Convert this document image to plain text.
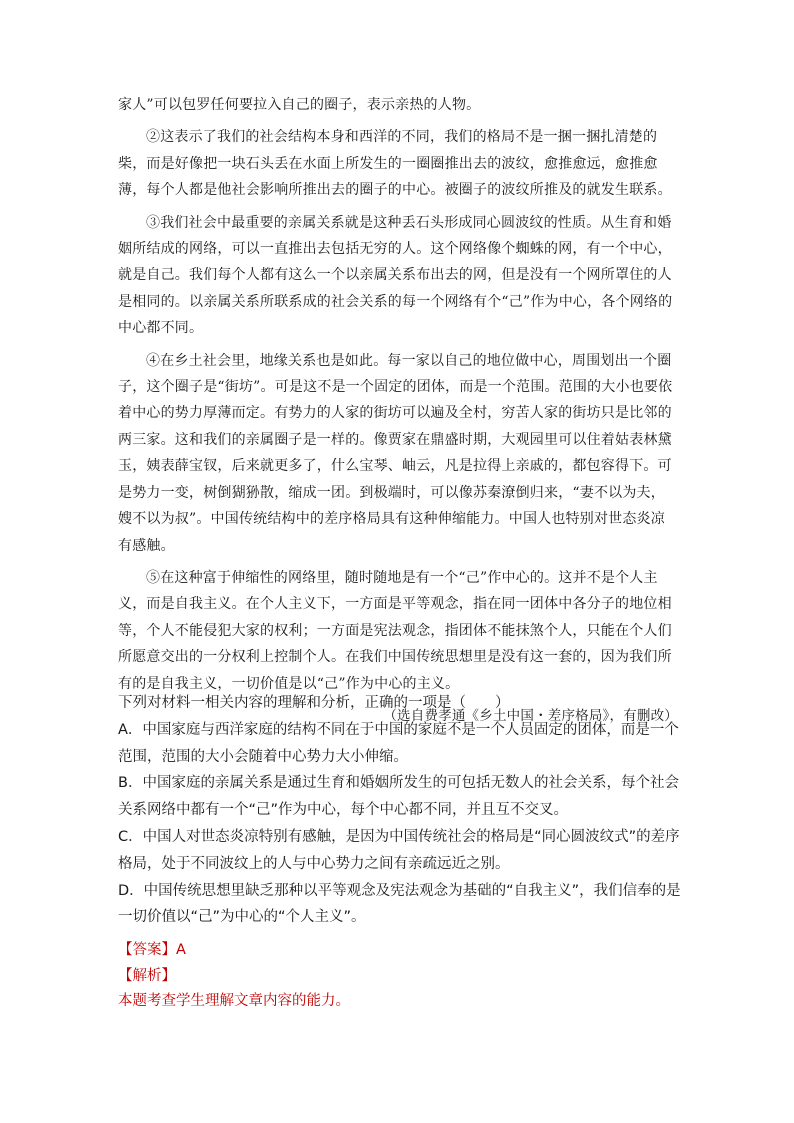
家人”可以包罗任何要拉入自己的圈子，表示亲热的人物。

②这表示了我们的社会结构本身和西洋的不同，我们的格局不是一捆一捆扎清楚的柴，而是好像把一块石头丢在水面上所发生的一圈圈推出去的波纹，愈推愈远，愈推愈薄，每个人都是他社会影响所推出去的圈子的中心。被圈子的波纹所推及的就发生联系。

③我们社会中最重要的亲属关系就是这种丢石头形成同心圆波纹的性质。从生育和婚姻所结成的网络，可以一直推出去包括无穷的人。这个网络像个蜘蛛的网，有一个中心，就是自己。我们每个人都有这么一个以亲属关系布出去的网，但是没有一个网所罩住的人是相同的。以亲属关系所联系成的社会关系的每一个网络有个“己”作为中心，各个网络的中心都不同。

④在乡土社会里，地缘关系也是如此。每一家以自己的地位做中心，周围划出一个圈子，这个圈子是“街坊”。可是这不是一个固定的团体，而是一个范围。范围的大小也要依着中心的势力厚薄而定。有势力的人家的街坊可以遍及全村，穷苦人家的街坊只是比邻的两三家。这和我们的亲属圈子是一样的。像贾家在鼎盛时期，大观园里可以住着姑表林黛玉，姨表薛宝钗，后来就更多了，什么宝琴、岫云，凡是拉得上亲戚的，都包容得下。可是势力一变，树倒猢狲散，缩成一团。到极端时，可以像苏秦潦倒归来，“妻不以为夫，嫂不以为叔”。中国传统结构中的差序格局具有这种伸缩能力。中国人也特别对世态炎凉有感触。

⑤在这种富于伸缩性的网络里，随时随地是有一个“己”作中心的。这并不是个人主义，而是自我主义。在个人主义下，一方面是平等观念，指在同一团体中各分子的地位相等，个人不能侵犯大家的权利；一方面是宪法观念，指团体不能抹煞个人，只能在个人们所愿意交出的一分权利上控制个人。在我们中国传统思想里是没有这一套的，因为我们所有的是自我主义，一切价值是以“己”作为中心的主义。

（选自费孝通《乡土中国・差序格局》，有删改）

下列对材料一相关内容的理解和分析，正确的一项是（　　）

A．中国家庭与西洋家庭的结构不同在于中国的家庭不是一个人员固定的团体，而是一个范围，范围的大小会随着中心势力大小伸缩。

B．中国家庭的亲属关系是通过生育和婚姻所发生的可包括无数人的社会关系，每个社会关系网络中都有一个“己”作为中心，每个中心都不同，并且互不交叉。

C．中国人对世态炎凉特别有感触，是因为中国传统社会的格局是“同心圆波纹式”的差序格局，处于不同波纹上的人与中心势力之间有亲疏远近之别。

D．中国传统思想里缺乏那种以平等观念及宪法观念为基础的“自我主义”，我们信奉的是一切价值以“己”为中心的“个人主义”。

【答案】A

【解析】

本题考查学生理解文章内容的能力。
